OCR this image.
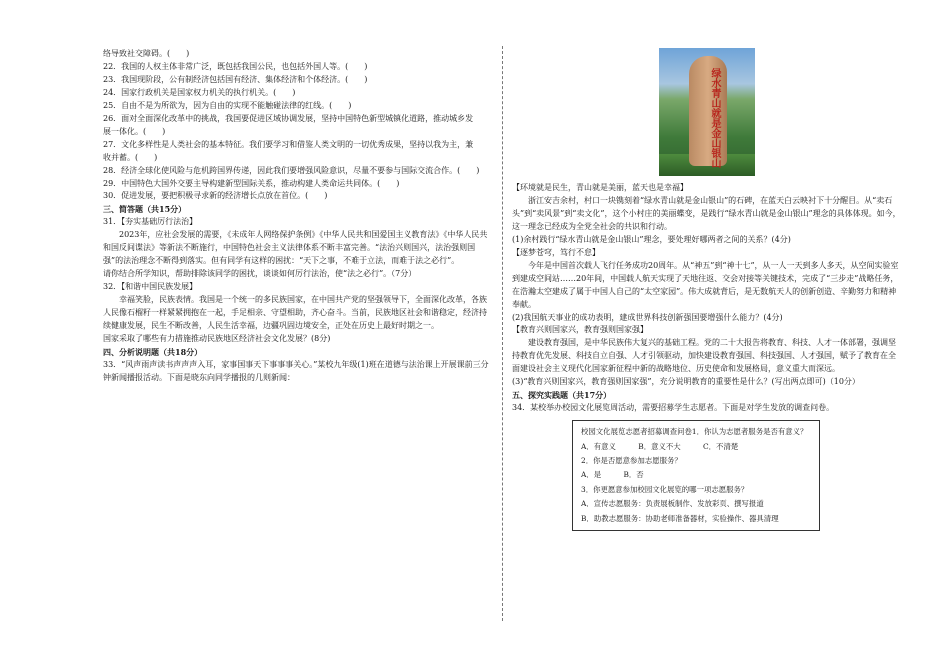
络导致社交障碍。(　　)

22．我国的人权主体非常广泛，既包括我国公民，也包括外国人等。(　　)

23．我国现阶段，公有制经济包括国有经济、集体经济和个体经济。(　　)

24．国家行政机关是国家权力机关的执行机关。(　　)

25．自由不是为所欲为，因为自由的实现不能触碰法律的红线。(　　)

26．面对全面深化改革中的挑战，我国要促进区域协调发展，坚持中国特色新型城镇化道路，推动城乡发

展一体化。(　　)

27．文化多样性是人类社会的基本特征。我们要学习和借鉴人类文明的一切优秀成果，坚持以我为主，兼

收并蓄。(　　)

28．经济全球化使风险与危机跨国界传递，因此我们要增强风险意识，尽量不要参与国际交流合作。(　　)

29．中国特色大国外交要主导构建新型国际关系，推动构建人类命运共同体。(　　)

30．促进发展，要把积极寻求新的经济增长点放在首位。(　　)

三、简答题（共15分）

31．【夯实基础厉行法治】

2023年，应社会发展的需要，《未成年人网络保护条例》《中华人民共和国爱国主义教育法》《中华人民共和国反间谍法》等新法不断施行，中国特色社会主义法律体系不断丰富完善。“法治兴则国兴，法治强则国强”的法治理念不断得到落实。但有同学有这样的困扰：“天下之事，不难于立法，而难于法之必行”。

请你结合所学知识，帮助排除该同学的困扰，谈谈如何厉行法治，使“法之必行”。（7分）

32．【和谐中国民族发展】

幸福笑脸，民族表情。我国是一个统一的多民族国家，在中国共产党的坚强领导下，全面深化改革，各族人民像石榴籽一样紧紧拥抱在一起，手足相亲、守望相助，齐心奋斗。当前，民族地区社会和谐稳定，经济持续健康发展，民生不断改善，人民生活幸福，边疆巩固边境安全，正处在历史上最好时期之一。

国家采取了哪些有力措施推动民族地区经济社会文化发展？(8分)

四、分析说明题（共18分）

33．“风声雨声读书声声声入耳，家事国事天下事事事关心。”某校九年级(1)班在道德与法治课上开展课前三分钟新闻播报活动。下面是晓东向同学播报的几则新闻：

绿水青山就是金山银山

【环境就是民生，青山就是美丽，蓝天也是幸福】

浙江安吉余村，村口一块镌刻着“绿水青山就是金山银山”的石碑，在蓝天白云映衬下十分醒目。从“卖石头”到“卖风景”到“卖文化”，这个小村庄的美丽蝶变，是践行“绿水青山就是金山银山”理念的具体体现。如今，这一理念已经成为全党全社会的共识和行动。

(1)余村践行“绿水青山就是金山银山”理念，要处理好哪两者之间的关系？(4分)

【逐梦苍穹，笃行不怠】

今年是中国首次载人飞行任务成功20周年。从“神五”到“神十七”，从一人一天到多人多天，从空间实验室到建成空间站……20年间，中国载人航天实现了天地往返、交会对接等关键技术，完成了“三步走”战略任务，在浩瀚太空建成了属于中国人自己的“太空家园”。伟大成就背后，是无数航天人的创新创造、辛勤努力和精神奉献。

(2)我国航天事业的成功表明，建成世界科技创新强国要增强什么能力？(4分)

【教育兴则国家兴，教育强则国家强】

建设教育强国，是中华民族伟大复兴的基础工程。党的二十大报告将教育、科技、人才一体部署，强调坚持教育优先发展、科技自立自强、人才引领驱动，加快建设教育强国、科技强国、人才强国，赋予了教育在全面建设社会主义现代化国家新征程中新的战略地位、历史使命和发展格局，意义重大而深远。

(3)“教育兴则国家兴，教育强则国家强”，充分说明教育的重要性是什么？(写出两点即可)（10分）

五、探究实践题（共17分）

34．某校举办校园文化展览周活动，需要招募学生志愿者。下面是对学生发放的调查问卷。

校园文化展览志愿者招募调查问卷1．你认为志愿者服务是否有意义？

A．有意义	B．意义不大	C．不清楚

2．你是否愿意参加志愿服务？

A．是	B．否

3．你更愿意参加校园文化展览的哪一项志愿服务？

A．宣传志愿服务：负责展板制作、发放彩页、撰写报道

B．助教志愿服务：协助老师准备器材，实验操作、器具清理
